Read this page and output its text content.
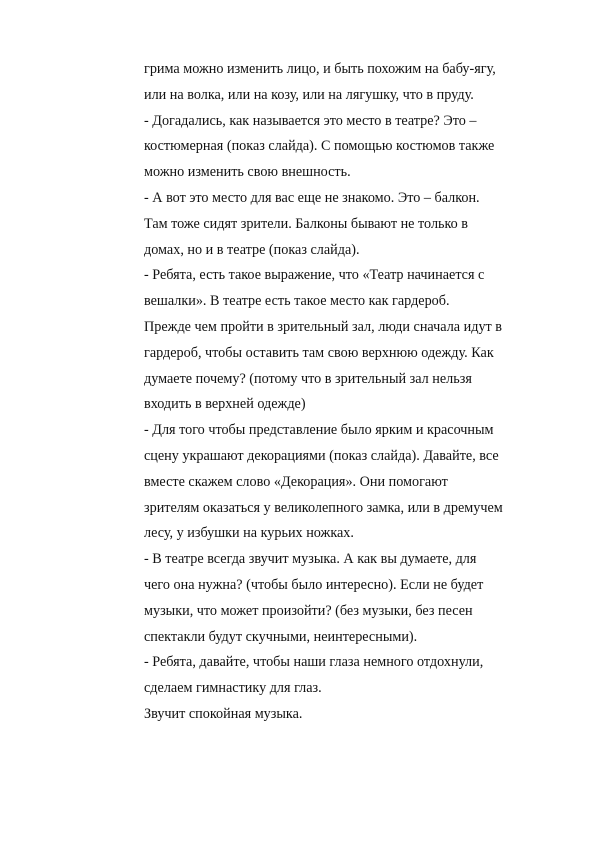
грима можно изменить лицо, и быть похожим на бабу-ягу,
или на волка, или на козу, или на лягушку, что в пруду.
- Догадались, как называется это место в театре? Это –
костюмерная (показ слайда). С помощью костюмов также
можно изменить свою внешность.
- А вот это место для вас еще не знакомо. Это – балкон.
Там тоже сидят зрители. Балконы бывают не только в
домах, но и в театре (показ слайда).
- Ребята, есть такое выражение, что «Театр начинается с
вешалки». В театре есть такое место как гардероб.
Прежде чем пройти в зрительный зал, люди сначала идут в
гардероб, чтобы оставить там свою верхнюю одежду. Как
думаете почему? (потому что в зрительный зал нельзя
входить в верхней одежде)
- Для того чтобы представление было ярким и красочным
сцену украшают декорациями (показ слайда). Давайте, все
вместе скажем слово «Декорация». Они помогают
зрителям оказаться у великолепного замка, или в дремучем
лесу, у избушки на курьих ножках.
- В театре всегда звучит музыка. А как вы думаете, для
чего она нужна? (чтобы было интересно). Если не будет
музыки, что может произойти? (без музыки, без песен
спектакли будут скучными, неинтересными).
- Ребята, давайте, чтобы наши глаза немного отдохнули,
сделаем гимнастику для глаз.
Звучит спокойная музыка.
